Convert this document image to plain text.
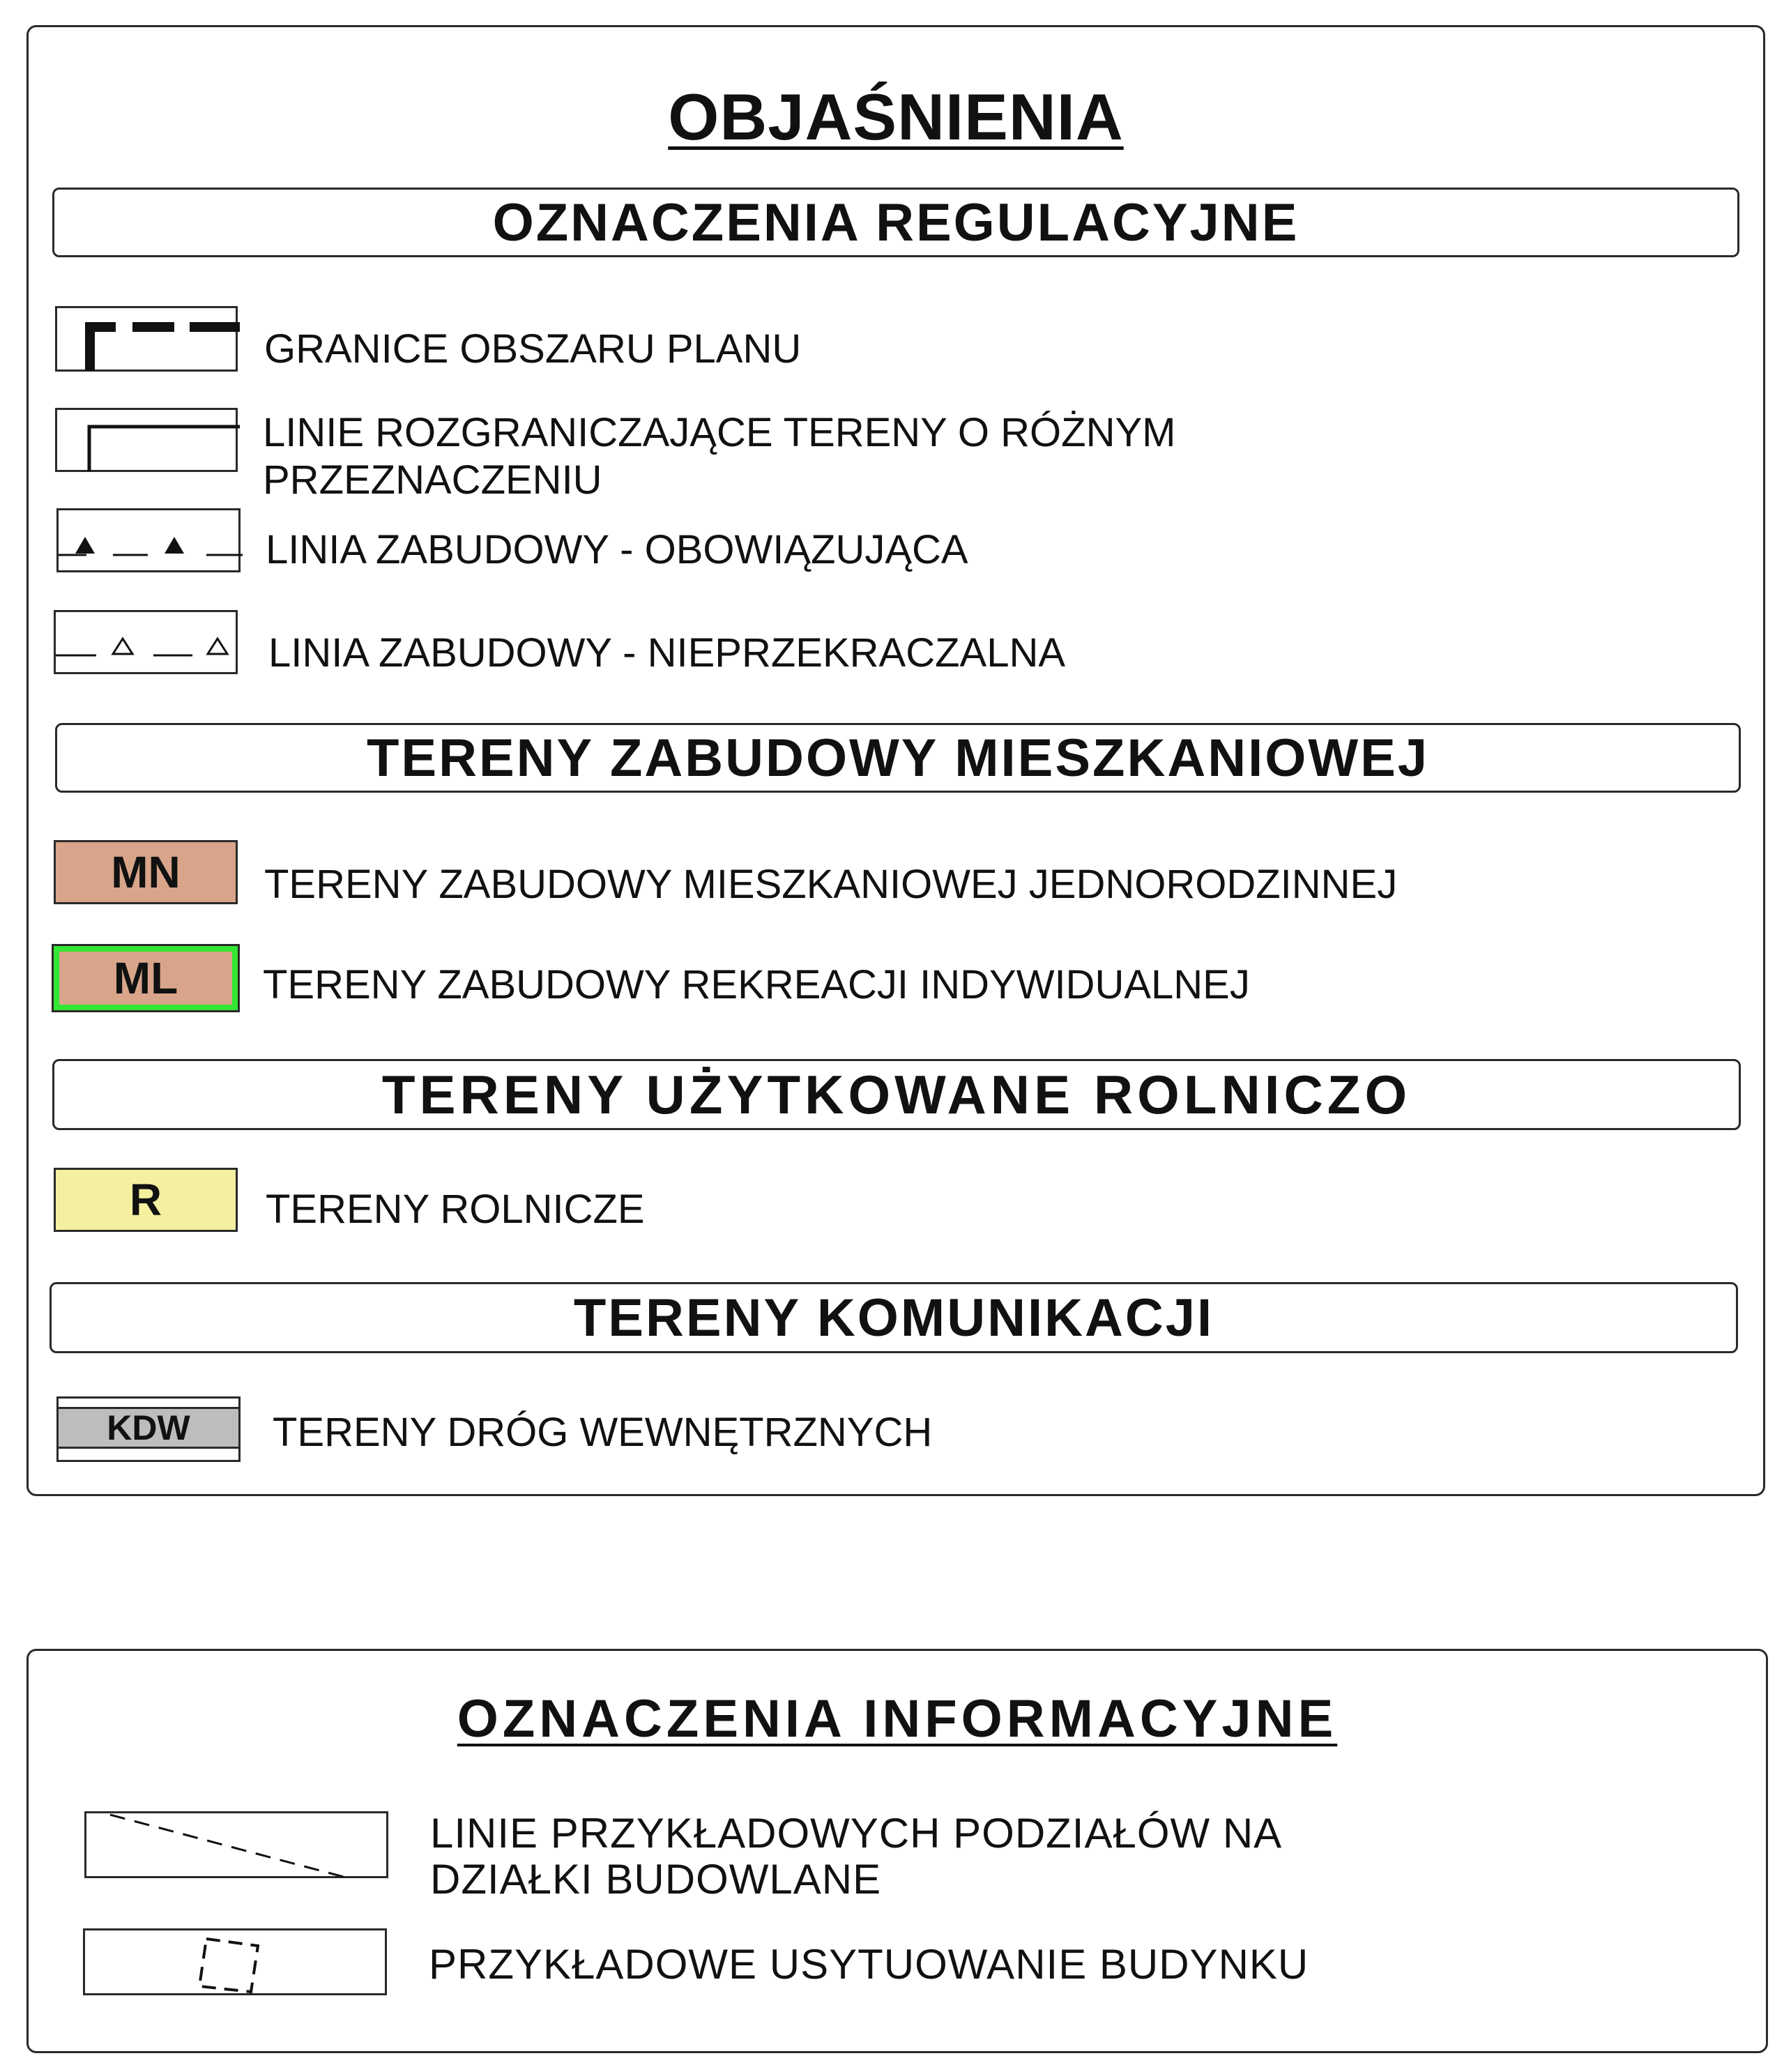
OBJAŚNIENIA
OZNACZENIA REGULACYJNE
GRANICE OBSZARU PLANU
LINIE ROZGRANICZAJĄCE TERENY O RÓŻNYM
PRZEZNACZENIU
LINIA ZABUDOWY - OBOWIĄZUJĄCA
LINIA ZABUDOWY - NIEPRZEKRACZALNA
TERENY ZABUDOWY MIESZKANIOWEJ
MN	TERENY ZABUDOWY MIESZKANIOWEJ JEDNORODZINNEJ
ML	TERENY ZABUDOWY REKREACJI INDYWIDUALNEJ
TERENY UŻYTKOWANE ROLNICZO
R	TERENY ROLNICZE
TERENY KOMUNIKACJI
KDW	TERENY DRÓG WEWNĘTRZNYCH
OZNACZENIA INFORMACYJNE
LINIE PRZYKŁADOWYCH PODZIAŁÓW NA
DZIAŁKI BUDOWLANE
PRZYKŁADOWE USYTUOWANIE BUDYNKU
